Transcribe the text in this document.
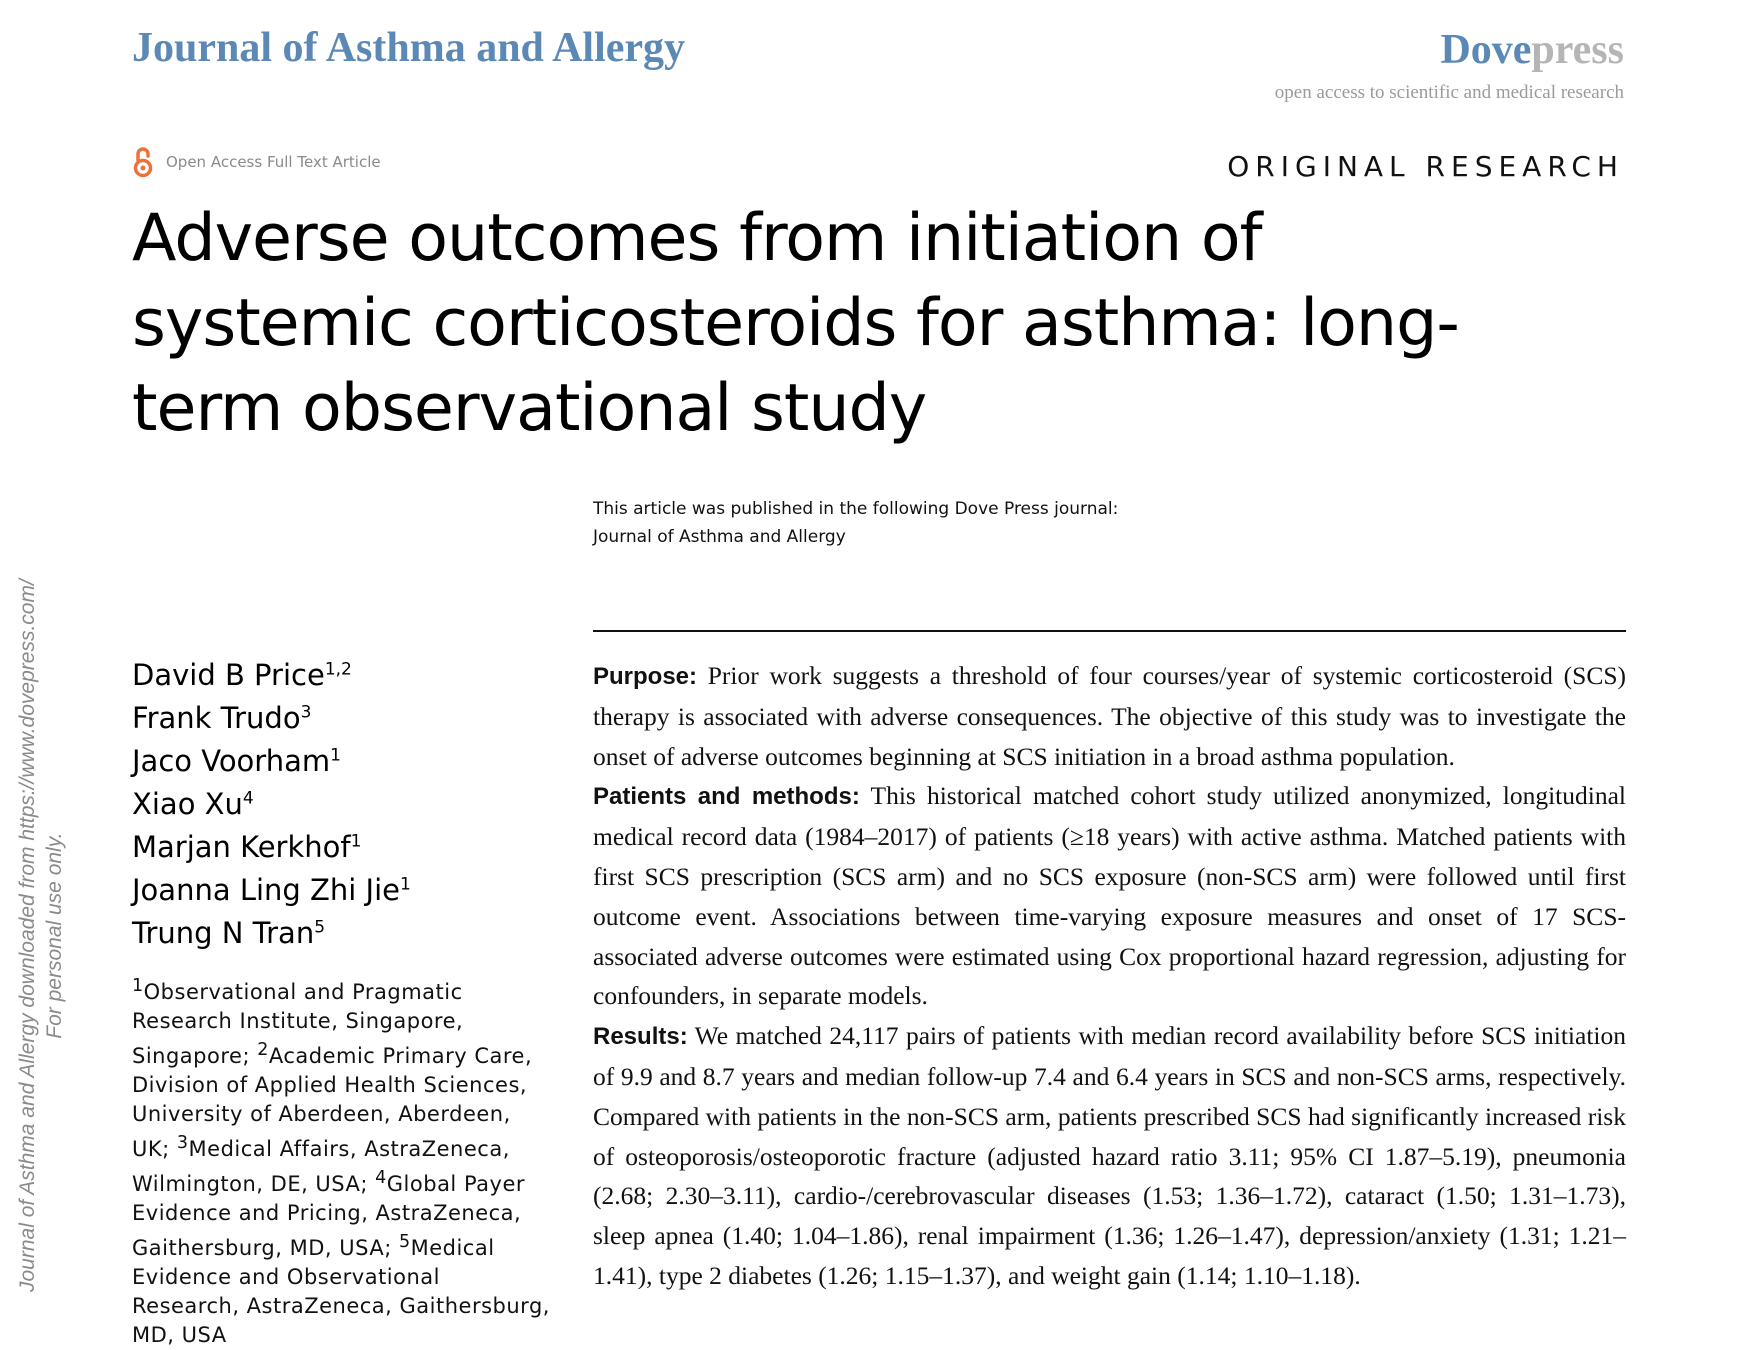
Journal of Asthma and Allergy	Dovepress
open access to scientific and medical research
Open Access Full Text Article	ORIGINAL RESEARCH
Adverse outcomes from initiation of systemic corticosteroids for asthma: long-term observational study
This article was published in the following Dove Press journal:
Journal of Asthma and Allergy
David B Price$^{1,2}$
Frank Trudo$^3$
Jaco Voorham$^1$
Xiao Xu$^4$
Marjan Kerkhof$^1$
Joanna Ling Zhi Jie$^1$
Trung N Tran$^5$

$^1$Observational and Pragmatic Research Institute, Singapore, Singapore; $^2$Academic Primary Care, Division of Applied Health Sciences, University of Aberdeen, Aberdeen, UK; $^3$Medical Affairs, AstraZeneca, Wilmington, DE, USA; $^4$Global Payer Evidence and Pricing, AstraZeneca, Gaithersburg, MD, USA; $^5$Medical Evidence and Observational Research, AstraZeneca, Gaithersburg, MD, USA

Purpose: Prior work suggests a threshold of four courses/year of systemic corticosteroid (SCS) therapy is associated with adverse consequences. The objective of this study was to investigate the onset of adverse outcomes beginning at SCS initiation in a broad asthma population.

Patients and methods: This historical matched cohort study utilized anonymized, longitudinal medical record data (1984–2017) of patients (≥18 years) with active asthma. Matched patients with first SCS prescription (SCS arm) and no SCS exposure (non-SCS arm) were followed until first outcome event. Associations between time-varying exposure measures and onset of 17 SCS-associated adverse outcomes were estimated using Cox proportional hazard regression, adjusting for confounders, in separate models.

Results: We matched 24,117 pairs of patients with median record availability before SCS initiation of 9.9 and 8.7 years and median follow-up 7.4 and 6.4 years in SCS and non-SCS arms, respectively. Compared with patients in the non-SCS arm, patients prescribed SCS had significantly increased risk of osteoporosis/osteoporotic fracture (adjusted hazard ratio 3.11; 95% CI 1.87–5.19), pneumonia (2.68; 2.30–3.11), cardio-/cerebrovascular diseases (1.53; 1.36–1.72), cataract (1.50; 1.31–1.73), sleep apnea (1.40; 1.04–1.86), renal impairment (1.36; 1.26–1.47), depression/anxiety (1.31; 1.21–1.41), type 2 diabetes (1.26; 1.15–1.37), and weight gain (1.14; 1.10–1.18).

Journal of Asthma and Allergy downloaded from https://www.dovepress.com/ For personal use only.
